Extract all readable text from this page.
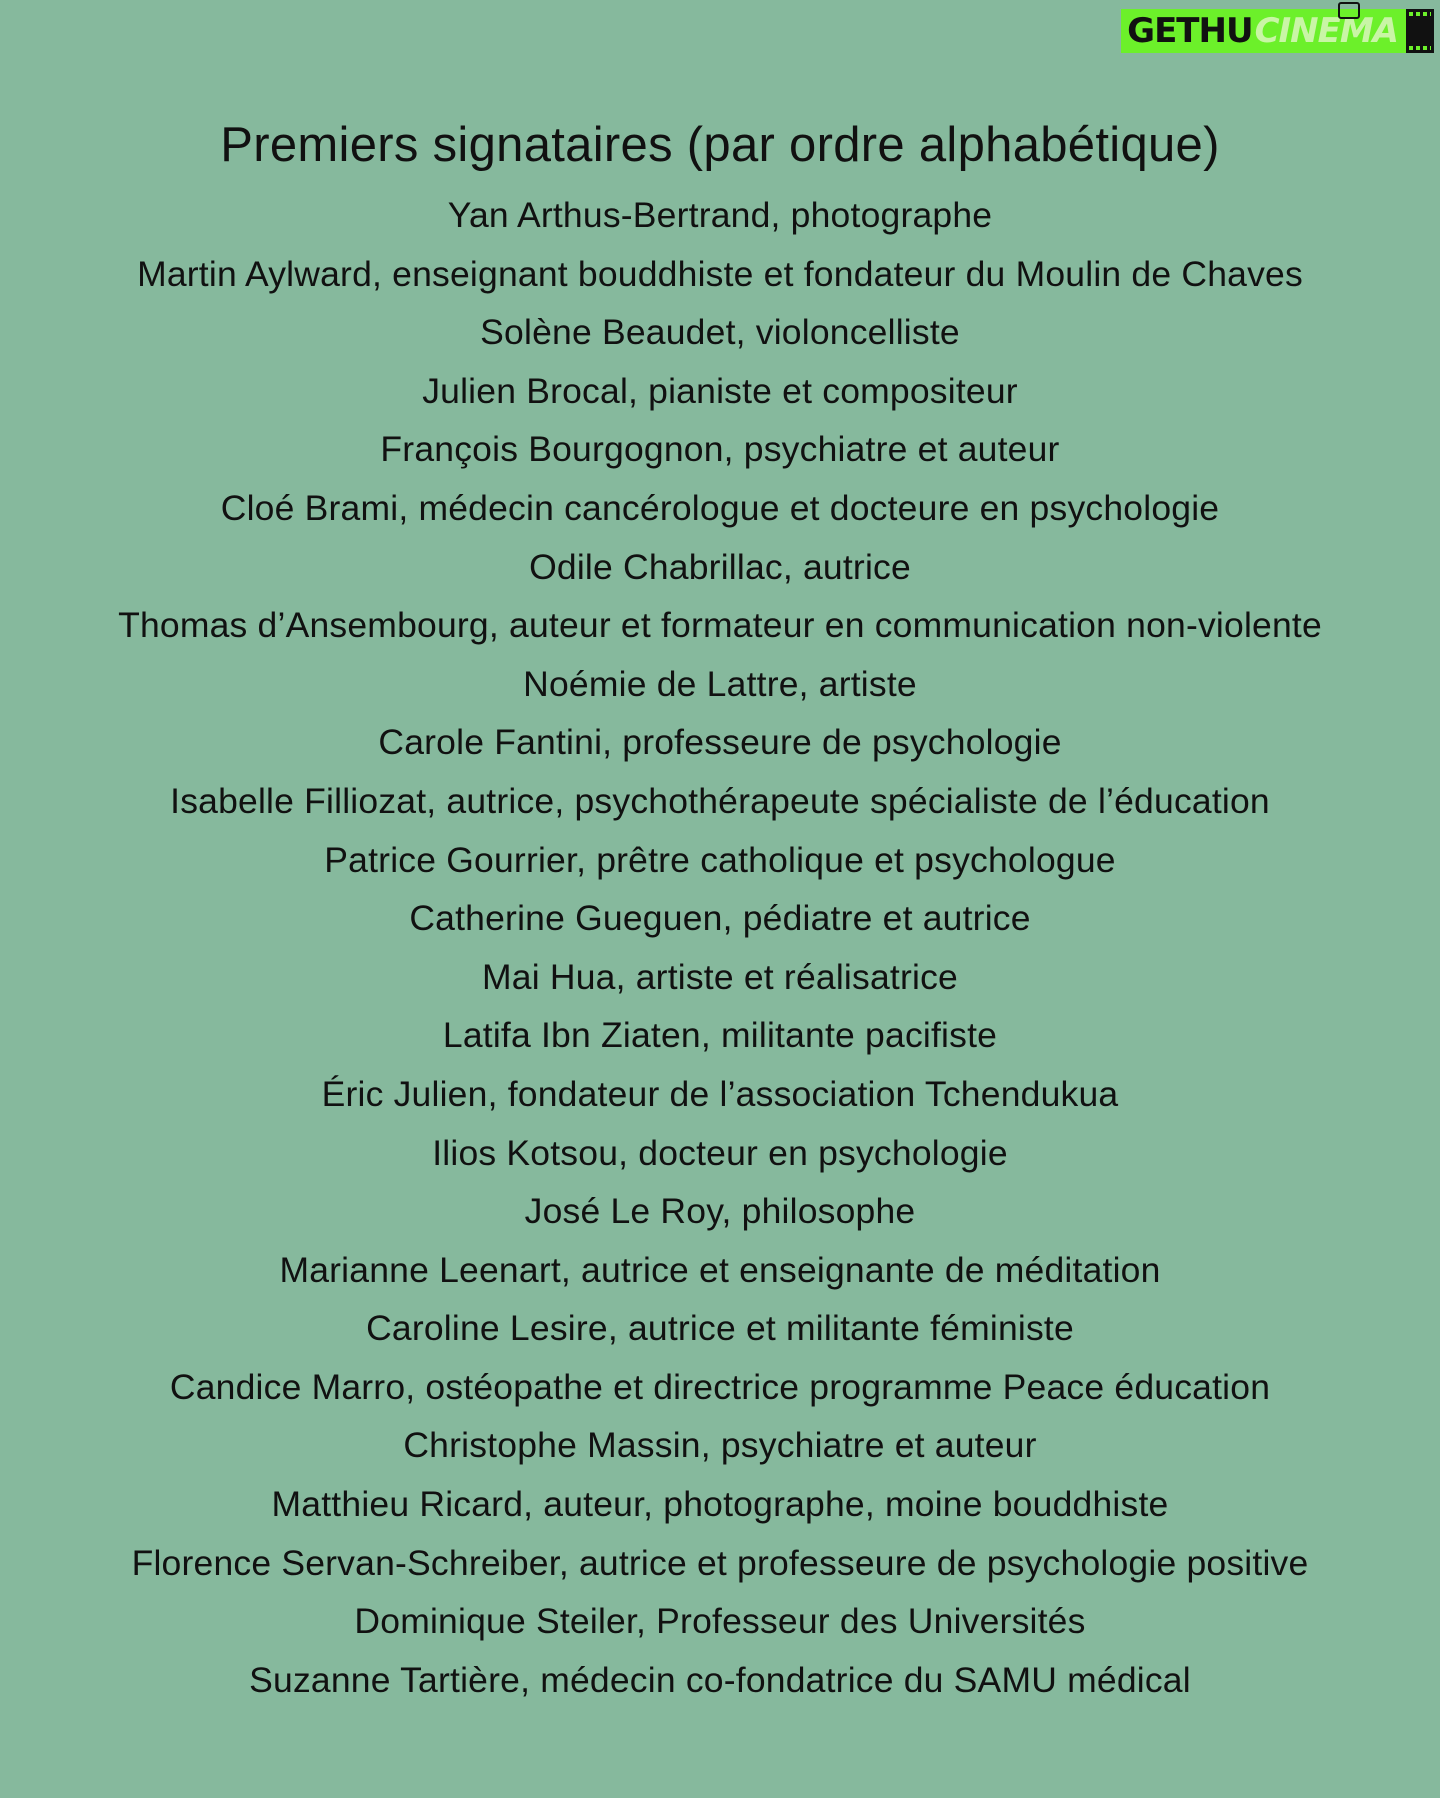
GETHU CINEMA
Premiers signataires (par ordre alphabétique)
Yan Arthus-Bertrand, photographe
Martin Aylward, enseignant bouddhiste et fondateur du Moulin de Chaves
Solène Beaudet, violoncelliste
Julien Brocal, pianiste et compositeur
François Bourgognon, psychiatre et auteur
Cloé Brami, médecin cancérologue et docteure en psychologie
Odile Chabrillac, autrice
Thomas d’Ansembourg, auteur et formateur en communication non-violente
Noémie de Lattre, artiste
Carole Fantini, professeure de psychologie
Isabelle Filliozat, autrice, psychothérapeute spécialiste de l’éducation
Patrice Gourrier, prêtre catholique et psychologue
Catherine Gueguen, pédiatre et autrice
Mai Hua, artiste et réalisatrice
Latifa Ibn Ziaten, militante pacifiste
Éric Julien, fondateur de l’association Tchendukua
Ilios Kotsou, docteur en psychologie
José Le Roy, philosophe
Marianne Leenart, autrice et enseignante de méditation
Caroline Lesire, autrice et militante féministe
Candice Marro, ostéopathe et directrice programme Peace éducation
Christophe Massin, psychiatre et auteur
Matthieu Ricard, auteur, photographe, moine bouddhiste
Florence Servan-Schreiber, autrice et professeure de psychologie positive
Dominique Steiler, Professeur des Universités
Suzanne Tartière, médecin co-fondatrice du SAMU médical
